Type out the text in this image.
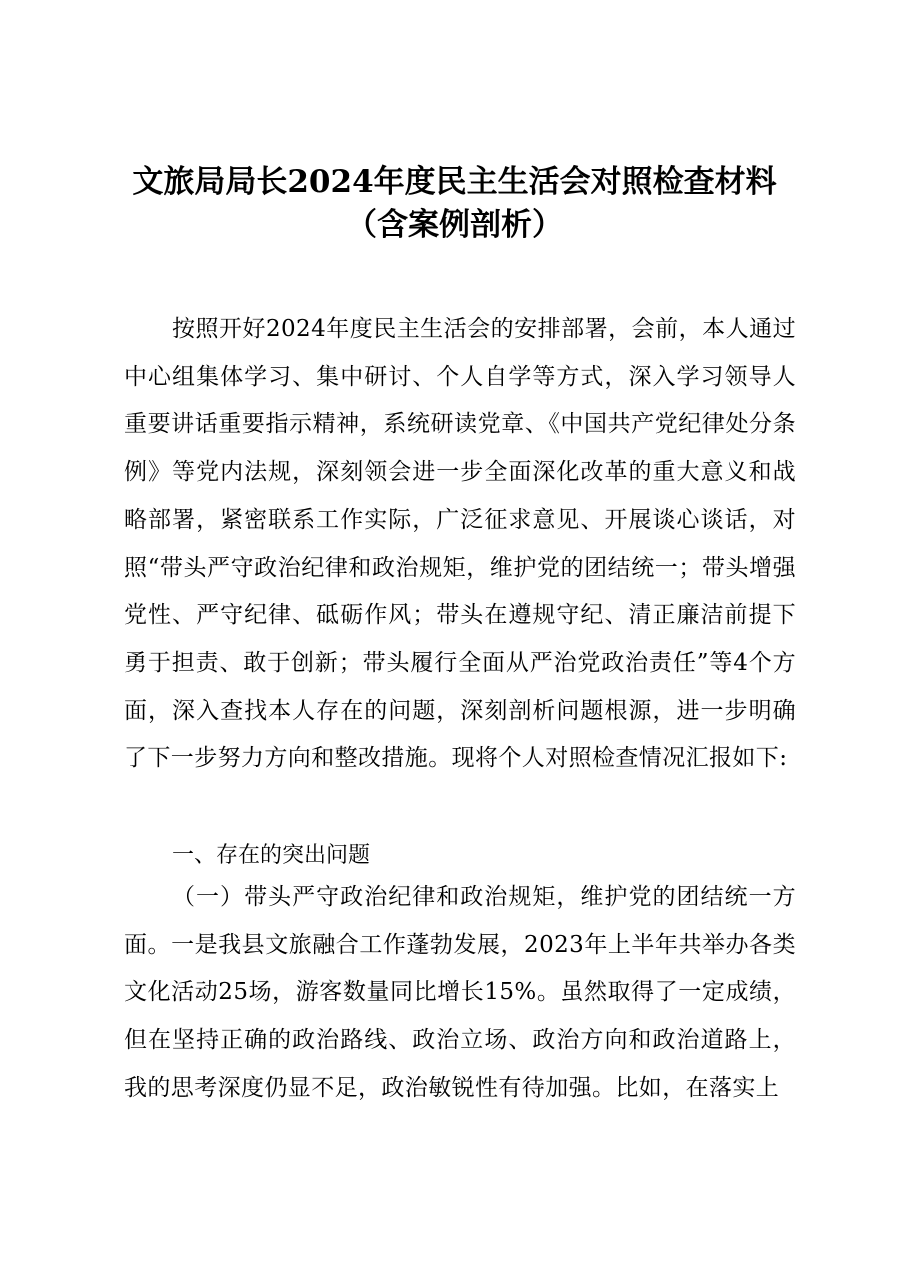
文旅局局长2024年度民主生活会对照检查材料
（含案例剖析）

按照开好2024年度民主生活会的安排部署，会前，本人通过中心组集体学习、集中研讨、个人自学等方式，深入学习领导人重要讲话重要指示精神，系统研读党章、《中国共产党纪律处分条例》等党内法规，深刻领会进一步全面深化改革的重大意义和战略部署，紧密联系工作实际，广泛征求意见、开展谈心谈话，对照“带头严守政治纪律和政治规矩，维护党的团结统一；带头增强党性、严守纪律、砥砺作风；带头在遵规守纪、清正廉洁前提下勇于担责、敢于创新；带头履行全面从严治党政治责任”等4个方面，深入查找本人存在的问题，深刻剖析问题根源，进一步明确了下一步努力方向和整改措施。现将个人对照检查情况汇报如下:

一、存在的突出问题

（一）带头严守政治纪律和政治规矩，维护党的团结统一方面。一是我县文旅融合工作蓬勃发展，2023年上半年共举办各类文化活动25场，游客数量同比增长15%。虽然取得了一定成绩，但在坚持正确的政治路线、政治立场、政治方向和政治道路上，我的思考深度仍显不足，政治敏锐性有待加强。比如，在落实上
